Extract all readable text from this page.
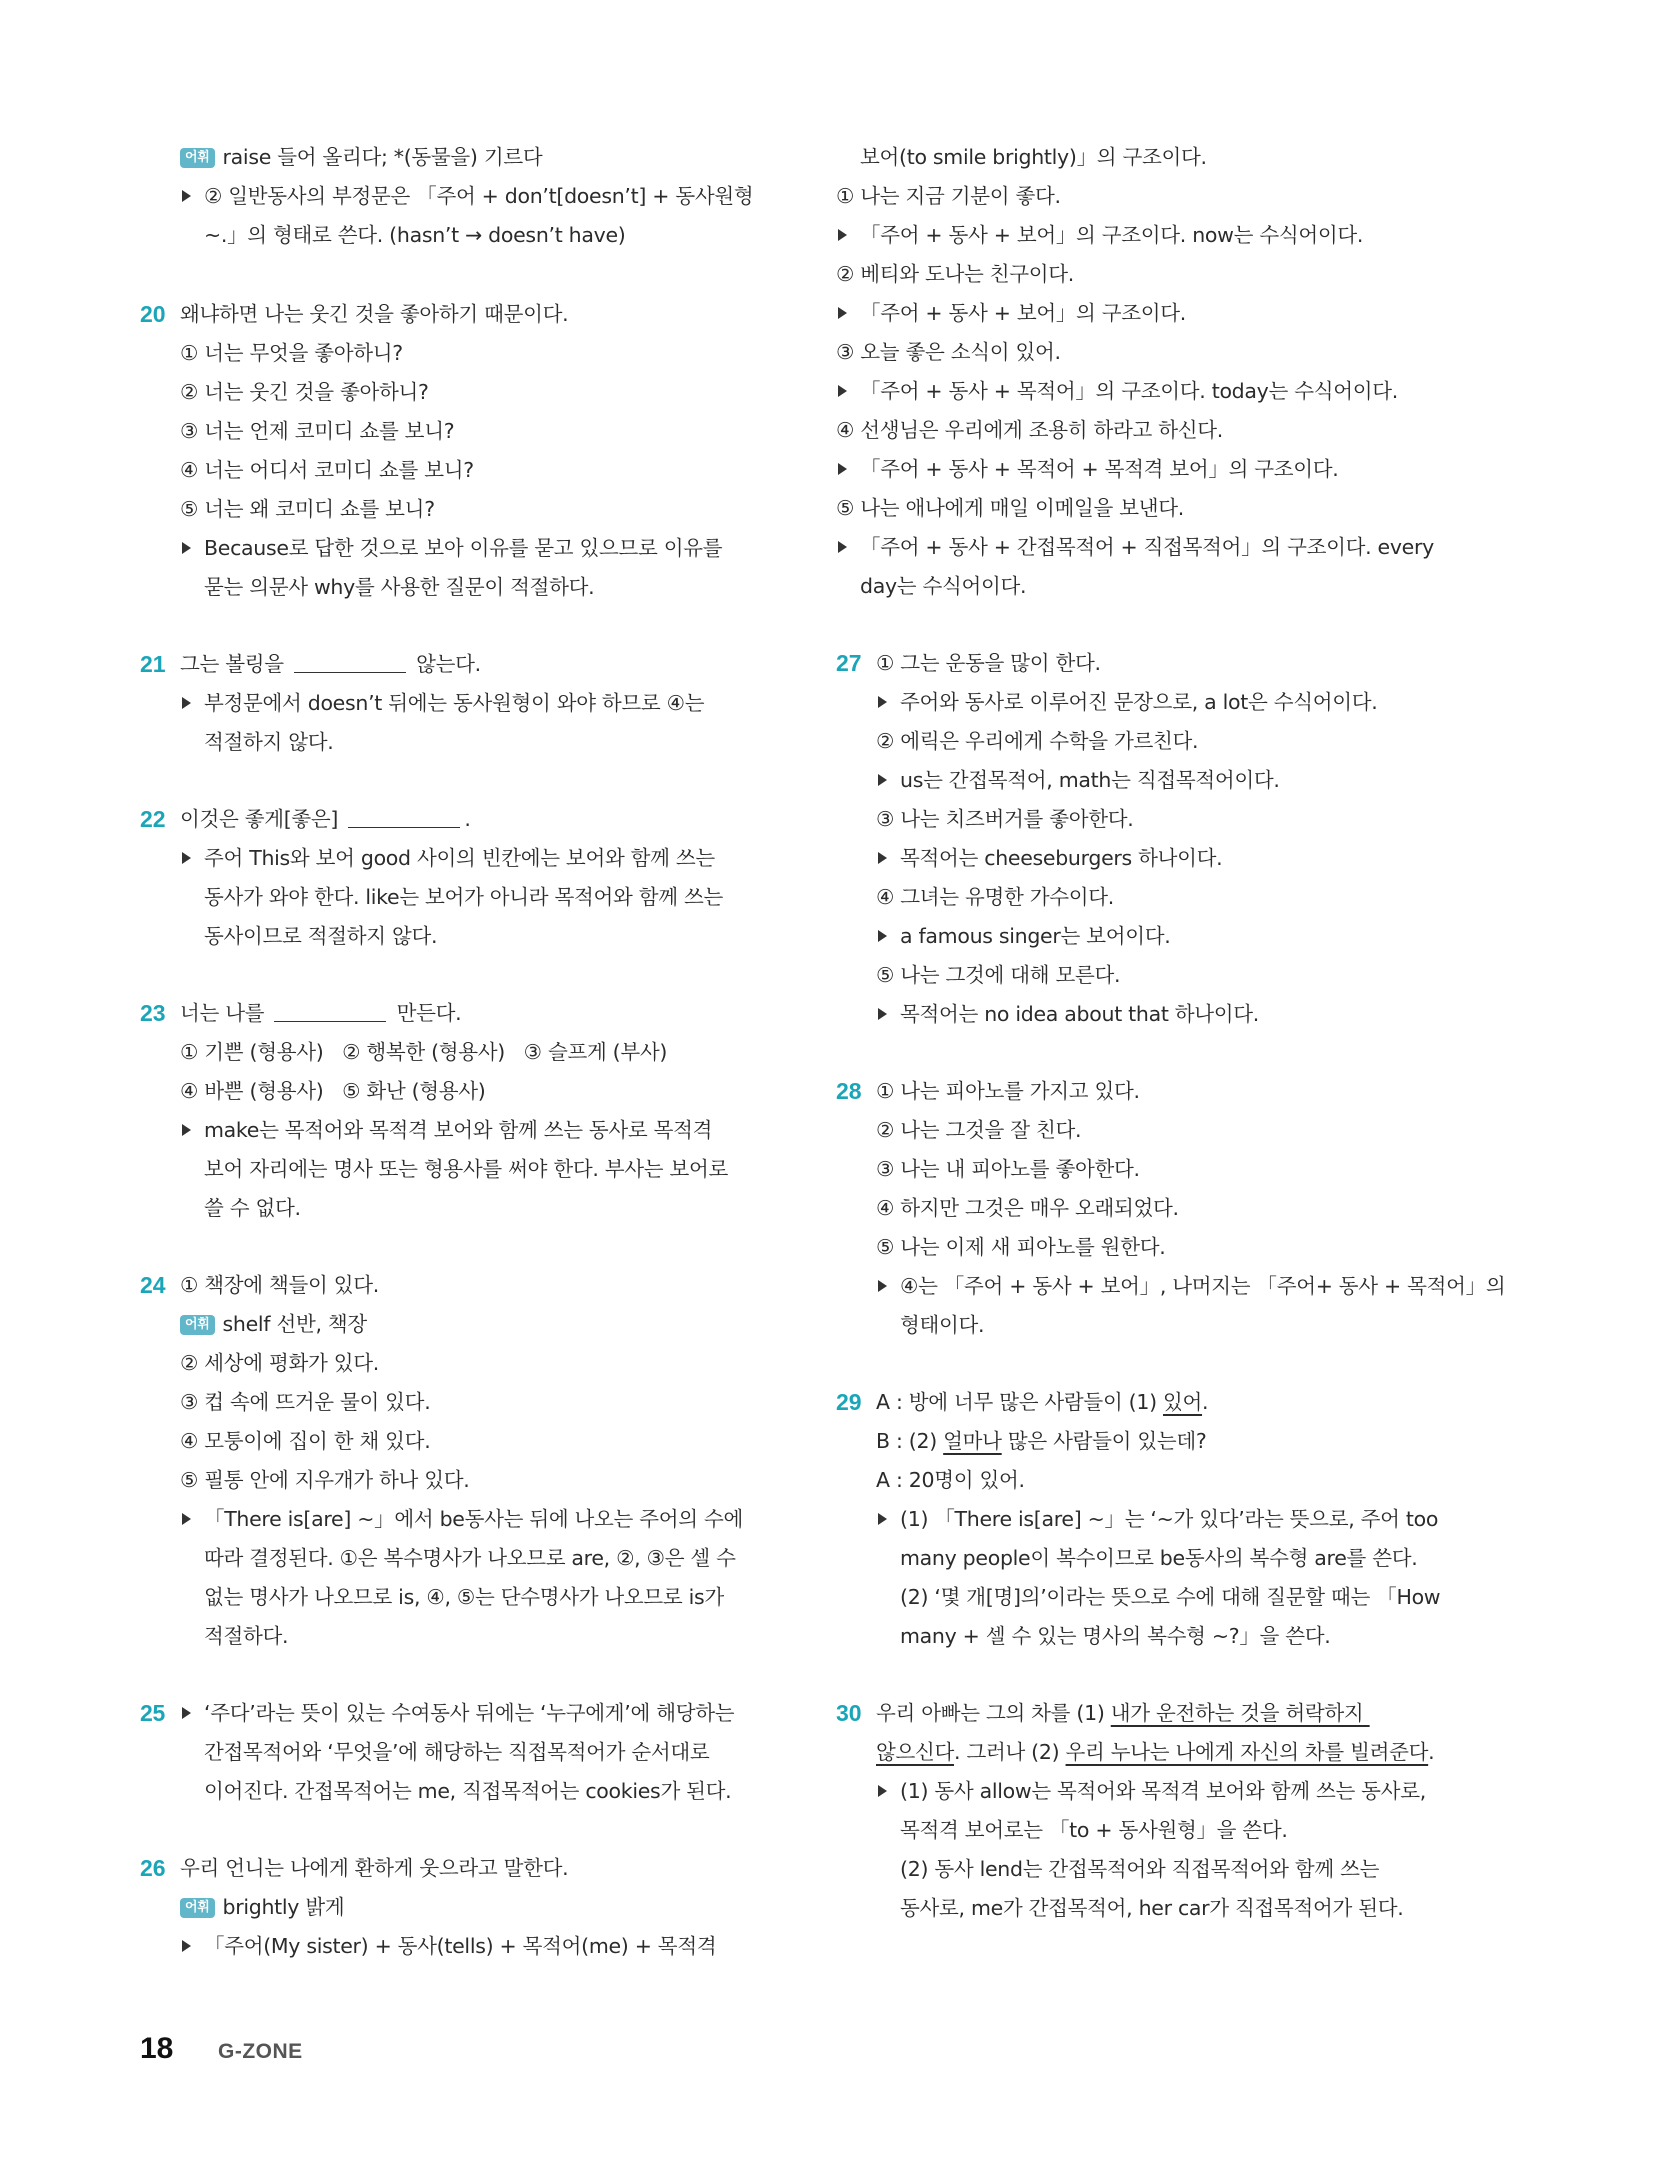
어휘 raise 들어 올리다; *(동물을) 기르다
② 일반동사의 부정문은 「주어 + don’t[doesn’t] + 동사원형
~.」의 형태로 쓴다. (hasn’t → doesn’t have)
20 왜냐하면 나는 웃긴 것을 좋아하기 때문이다.
① 너는 무엇을 좋아하니?
② 너는 웃긴 것을 좋아하니?
③ 너는 언제 코미디 쇼를 보니?
④ 너는 어디서 코미디 쇼를 보니?
⑤ 너는 왜 코미디 쇼를 보니?
Because로 답한 것으로 보아 이유를 묻고 있으므로 이유를
묻는 의문사 why를 사용한 질문이 적절하다.
21 그는 볼링을	않는다.
부정문에서 doesn’t 뒤에는 동사원형이 와야 하므로 ④는
적절하지 않다.
22 이것은 좋게[좋은]	.
주어 This와 보어 good 사이의 빈칸에는 보어와 함께 쓰는
동사가 와야 한다. like는 보어가 아니라 목적어와 함께 쓰는
동사이므로 적절하지 않다.
23 너는 나를	만든다.
① 기쁜 (형용사)   ② 행복한 (형용사)   ③ 슬프게 (부사)
④ 바쁜 (형용사)   ⑤ 화난 (형용사)
make는 목적어와 목적격 보어와 함께 쓰는 동사로 목적격
보어 자리에는 명사 또는 형용사를 써야 한다. 부사는 보어로
쓸 수 없다.
24 ① 책장에 책들이 있다.
어휘 shelf 선반, 책장
② 세상에 평화가 있다.
③ 컵 속에 뜨거운 물이 있다.
④ 모퉁이에 집이 한 채 있다.
⑤ 필통 안에 지우개가 하나 있다.
「There is[are] ~」에서 be동사는 뒤에 나오는 주어의 수에
따라 결정된다. ①은 복수명사가 나오므로 are, ②, ③은 셀 수
없는 명사가 나오므로 is, ④, ⑤는 단수명사가 나오므로 is가
적절하다.
25 ‘주다’라는 뜻이 있는 수여동사 뒤에는 ‘누구에게’에 해당하는
간접목적어와 ‘무엇을’에 해당하는 직접목적어가 순서대로
이어진다. 간접목적어는 me, 직접목적어는 cookies가 된다.
26 우리 언니는 나에게 환하게 웃으라고 말한다.
어휘 brightly 밝게
「주어(My sister) + 동사(tells) + 목적어(me) + 목적격
보어(to smile brightly)」의 구조이다.
① 나는 지금 기분이 좋다.
「주어 + 동사 + 보어」의 구조이다. now는 수식어이다.
② 베티와 도나는 친구이다.
「주어 + 동사 + 보어」의 구조이다.
③ 오늘 좋은 소식이 있어.
「주어 + 동사 + 목적어」의 구조이다. today는 수식어이다.
④ 선생님은 우리에게 조용히 하라고 하신다.
「주어 + 동사 + 목적어 + 목적격 보어」의 구조이다.
⑤ 나는 애나에게 매일 이메일을 보낸다.
「주어 + 동사 + 간접목적어 + 직접목적어」의 구조이다. every
day는 수식어이다.
27 ① 그는 운동을 많이 한다.
주어와 동사로 이루어진 문장으로, a lot은 수식어이다.
② 에릭은 우리에게 수학을 가르친다.
us는 간접목적어, math는 직접목적어이다.
③ 나는 치즈버거를 좋아한다.
목적어는 cheeseburgers 하나이다.
④ 그녀는 유명한 가수이다.
a famous singer는 보어이다.
⑤ 나는 그것에 대해 모른다.
목적어는 no idea about that 하나이다.
28 ① 나는 피아노를 가지고 있다.
② 나는 그것을 잘 친다.
③ 나는 내 피아노를 좋아한다.
④ 하지만 그것은 매우 오래되었다.
⑤ 나는 이제 새 피아노를 원한다.
④는 「주어 + 동사 + 보어」, 나머지는 「주어+ 동사 + 목적어」의
형태이다.
29 A : 방에 너무 많은 사람들이 (1) 있어.
B : (2) 얼마나 많은 사람들이 있는데?
A : 20명이 있어.
(1) 「There is[are] ~」는 ‘~가 있다’라는 뜻으로, 주어 too
many people이 복수이므로 be동사의 복수형 are를 쓴다.
(2) ‘몇 개[명]의’이라는 뜻으로 수에 대해 질문할 때는 「How
many + 셀 수 있는 명사의 복수형 ~?」을 쓴다.
30 우리 아빠는 그의 차를 (1) 내가 운전하는 것을 허락하지
않으신다. 그러나 (2) 우리 누나는 나에게 자신의 차를 빌려준다.
(1) 동사 allow는 목적어와 목적격 보어와 함께 쓰는 동사로,
목적격 보어로는 「to + 동사원형」을 쓴다.
(2) 동사 lend는 간접목적어와 직접목적어와 함께 쓰는
동사로, me가 간접목적어, her car가 직접목적어가 된다.
18 G-ZONE
